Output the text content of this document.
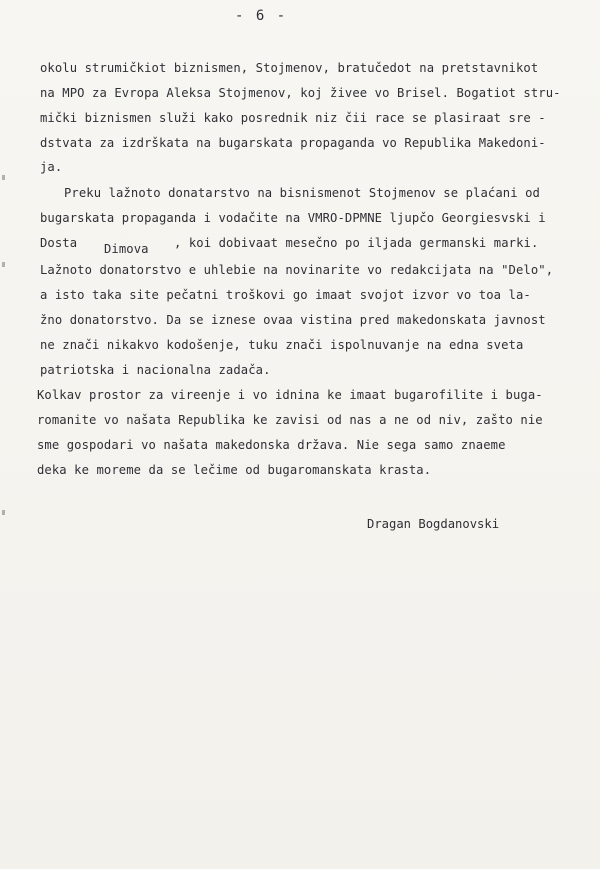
- 6 -
okolu strumičkiot biznismen, Stojmenov, bratučedot na pretstavnikot
na MPO za Evropa Aleksa Stojmenov, koj živee vo Brisel. Bogatiot stru-
mički biznismen služi kako posrednik niz čii race se plasiraat sre -
dstvata za izdrškata na bugarskata propaganda vo Republika Makedoni-
ja.
Preku lažnoto donatarstvo na bisnismenot Stojmenov se plaćani od
bugarskata propaganda i vodačite na VMRO-DPMNE ljupčo Georgiesvski i
Dosta Dimova , koi dobivaat mesečno po iljada germanski marki.
Lažnoto donatorstvo e uhlebie na novinarite vo redakcijata na "Delo",
a isto taka site pečatni troškovi go imaat svojot izvor vo toa la-
žno donatorstvo. Da se iznese ovaa vistina pred makedonskata javnost
ne znači nikakvo kodošenje, tuku znači ispolnuvanje na edna sveta
patriotska i nacionalna zadača.
Kolkav prostor za vireenje i vo idnina ke imaat bugarofilite i buga-
romanite vo našata Republika ke zavisi od nas a ne od niv, zašto nie
sme gospodari vo našata makedonska država. Nie sega samo znaeme
deka ke moreme da se lečime od bugaromanskata krasta.
Dragan Bogdanovski
